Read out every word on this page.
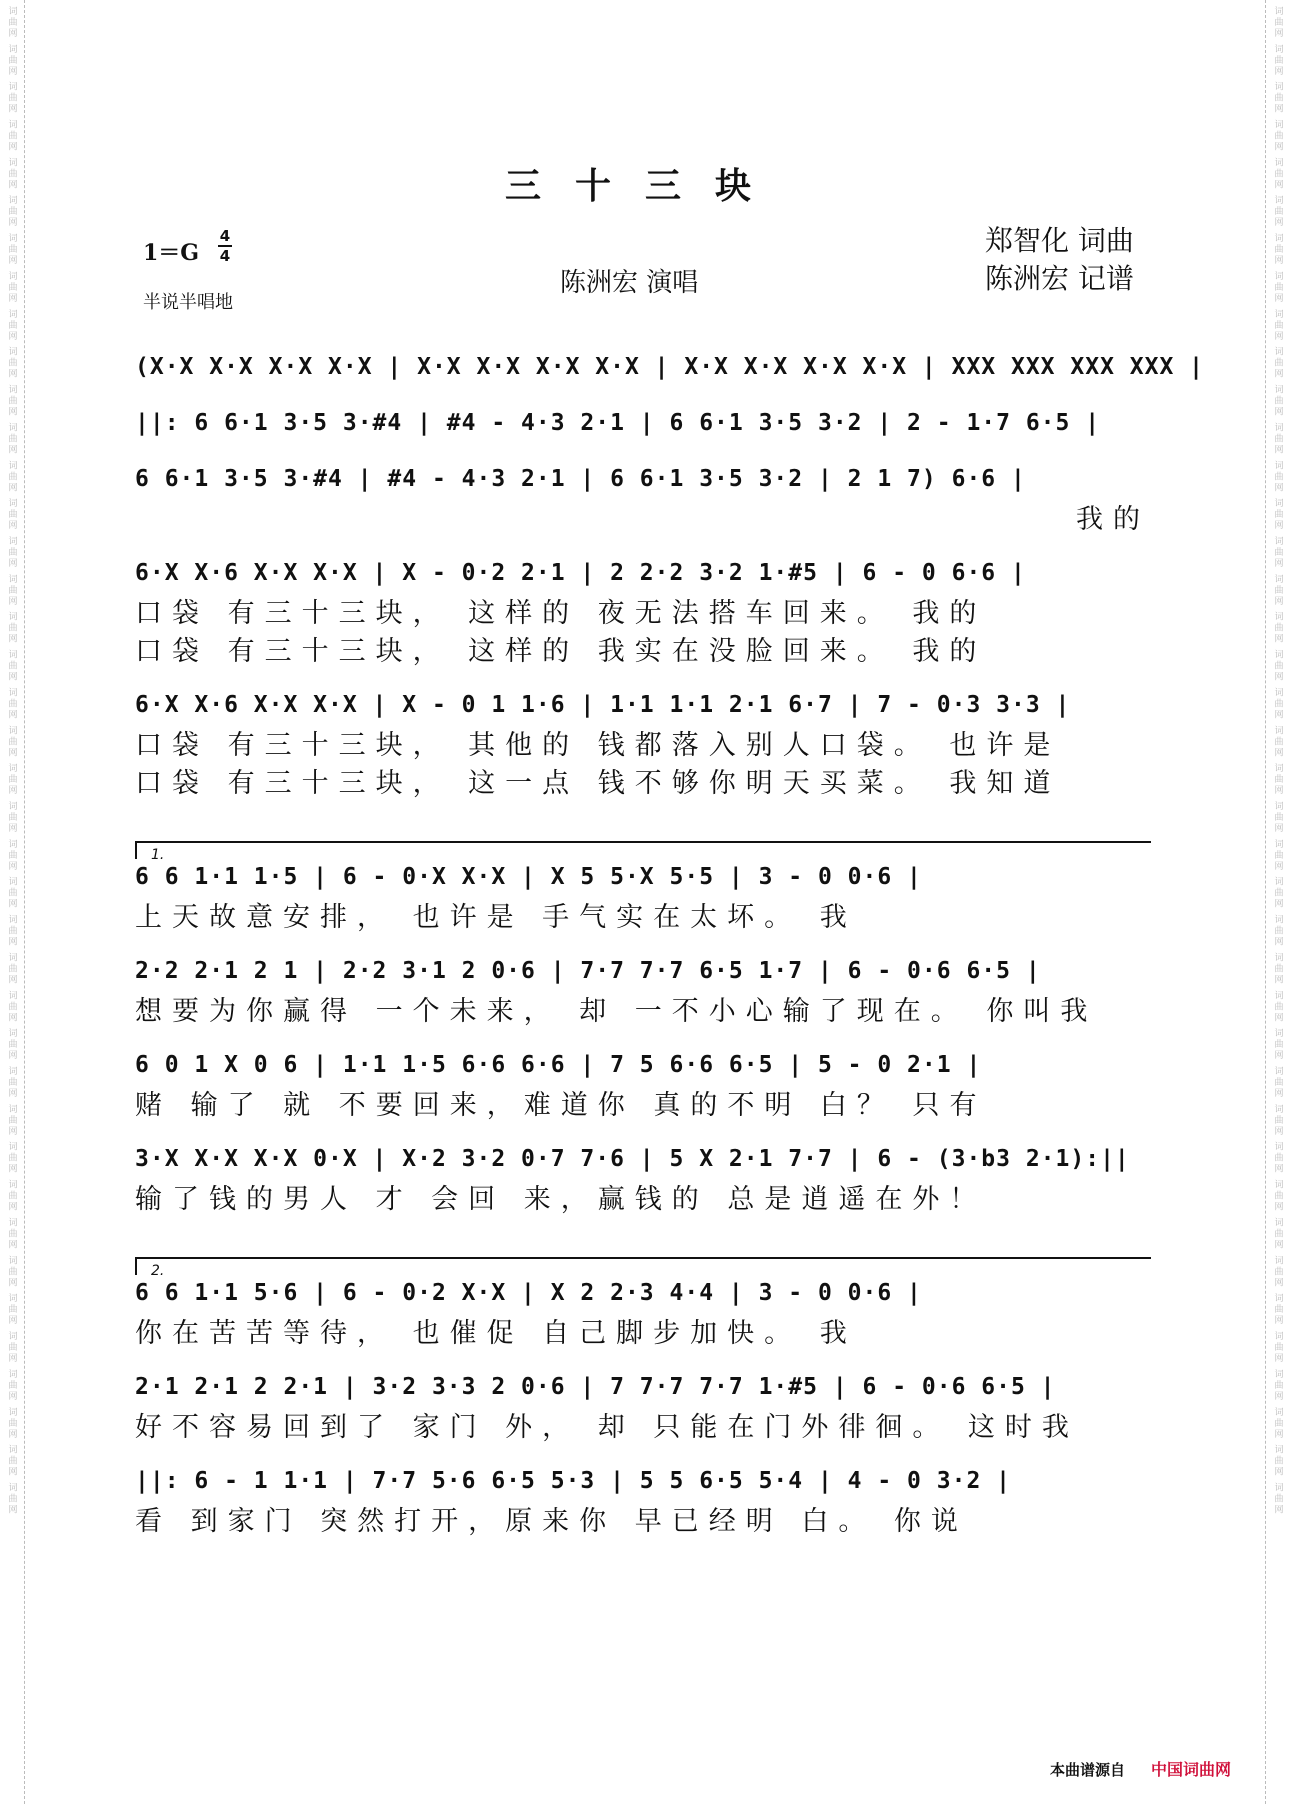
词曲网 词曲网 词曲网 词曲网 词曲网 词曲网 词曲网 词曲网 词曲网 词曲网 词曲网 词曲网 词曲网 词曲网 词曲网 词曲网 词曲网 词曲网 词曲网 词曲网 词曲网 词曲网 词曲网 词曲网 词曲网 词曲网 词曲网 词曲网 词曲网 词曲网 词曲网 词曲网 词曲网 词曲网 词曲网 词曲网 词曲网 词曲网 词曲网 词曲网	词曲网 词曲网 词曲网 词曲网 词曲网 词曲网 词曲网 词曲网 词曲网 词曲网 词曲网 词曲网 词曲网 词曲网 词曲网 词曲网 词曲网 词曲网 词曲网 词曲网 词曲网 词曲网 词曲网 词曲网 词曲网 词曲网 词曲网 词曲网 词曲网 词曲网 词曲网 词曲网 词曲网 词曲网 词曲网 词曲网 词曲网 词曲网 词曲网 词曲网
三十三块
1＝G
4
4
半说半唱地
陈洲宏 演唱
郑智化 词曲
陈洲宏 记谱
(X·X X·X X·X X·X | X·X X·X X·X X·X | X·X X·X X·X X·X | XXX XXX XXX XXX |
||: 6 6·1 3·5 3·#4 | #4 - 4·3 2·1 | 6 6·1 3·5 3·2 | 2 - 1·7 6·5 |
6 6·1 3·5 3·#4 | #4 - 4·3 2·1 | 6 6·1 3·5 3·2 | 2 1 7) 6·6 |
我的
6·X X·6 X·X X·X | X - 0·2 2·1 | 2 2·2 3·2 1·#5 | 6 - 0 6·6 |
口袋 有三十三块， 这样的 夜无法搭车回来。 我的
口袋 有三十三块， 这样的 我实在没脸回来。 我的
6·X X·6 X·X X·X | X - 0 1 1·6 | 1·1 1·1 2·1 6·7 | 7 - 0·3 3·3 |
口袋 有三十三块， 其他的 钱都落入别人口袋。 也许是
口袋 有三十三块， 这一点 钱不够你明天买菜。 我知道
1.
6 6 1·1 1·5 | 6 - 0·X X·X | X 5 5·X 5·5 | 3 - 0 0·6 |
上天故意安排， 也许是 手气实在太坏。 我
2·2 2·1 2 1 | 2·2 3·1 2 0·6 | 7·7 7·7 6·5 1·7 | 6 - 0·6 6·5 |
想要为你赢得 一个未来， 却 一不小心输了现在。 你叫我
6 0 1 X 0 6 | 1·1 1·5 6·6 6·6 | 7 5 6·6 6·5 | 5 - 0 2·1 |
赌 输了 就 不要回来，难道你 真的不明 白？ 只有
3·X X·X X·X 0·X | X·2 3·2 0·7 7·6 | 5 X 2·1 7·7 | 6 - (3·b3 2·1):||
输了钱的男人 才 会回 来，赢钱的 总是逍遥在外！
2.
6 6 1·1 5·6 | 6 - 0·2 X·X | X 2 2·3 4·4 | 3 - 0 0·6 |
你在苦苦等待， 也催促 自己脚步加快。 我
2·1 2·1 2 2·1 | 3·2 3·3 2 0·6 | 7 7·7 7·7 1·#5 | 6 - 0·6 6·5 |
好不容易回到了 家门 外， 却 只能在门外徘徊。 这时我
||: 6 - 1 1·1 | 7·7 5·6 6·5 5·3 | 5 5 6·5 5·4 | 4 - 0 3·2 |
看 到家门 突然打开，原来你 早已经明 白。 你说
本曲谱源自 中国词曲网
